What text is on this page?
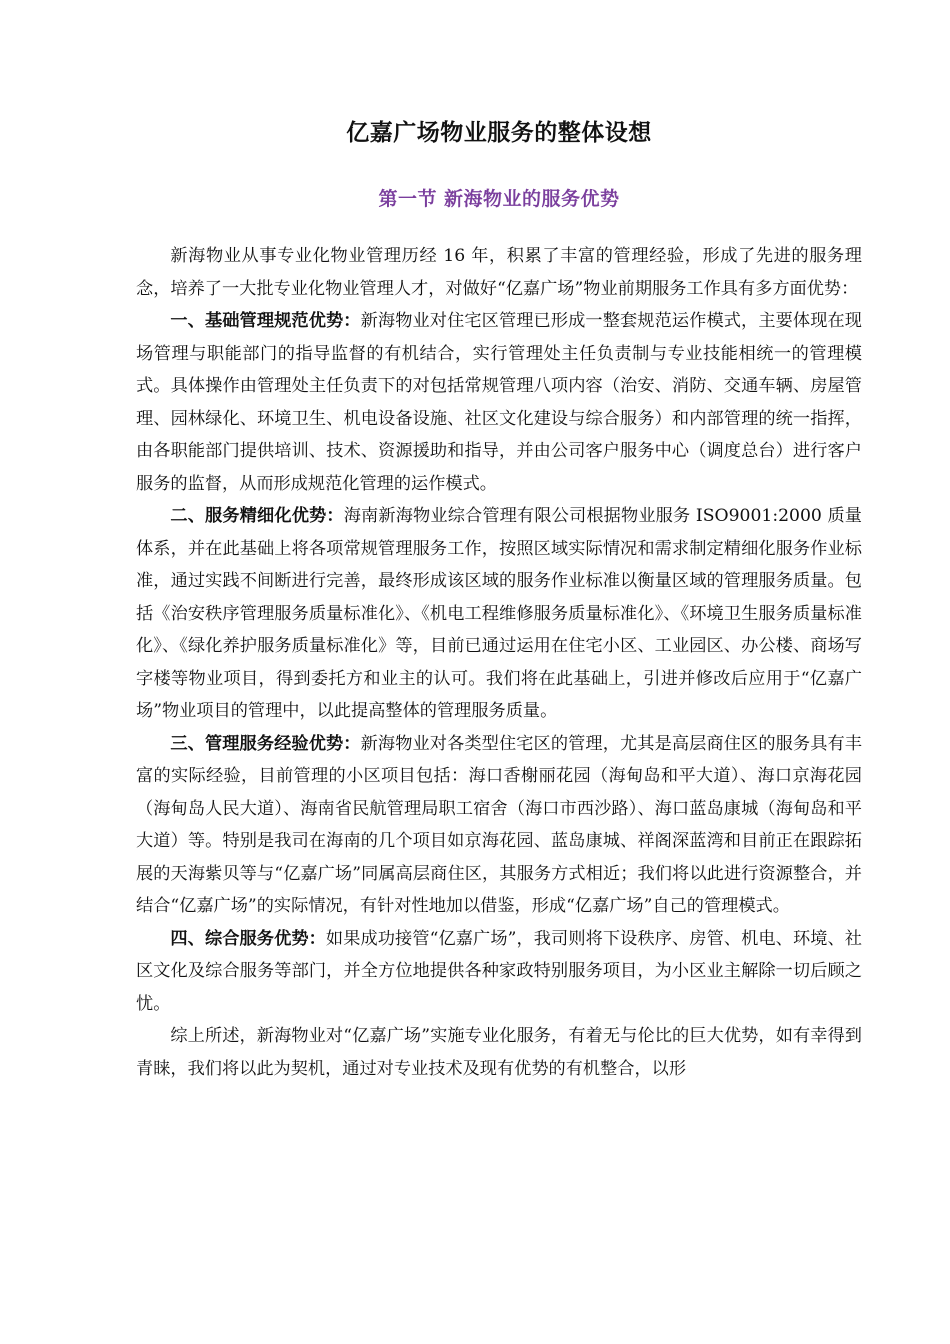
亿嘉广场物业服务的整体设想
第一节 新海物业的服务优势

新海物业从事专业化物业管理历经 16 年，积累了丰富的管理经验，形成了先进的服务理念，培养了一大批专业化物业管理人才，对做好“亿嘉广场”物业前期服务工作具有多方面优势：

一、基础管理规范优势：新海物业对住宅区管理已形成一整套规范运作模式，主要体现在现场管理与职能部门的指导监督的有机结合，实行管理处主任负责制与专业技能相统一的管理模式。具体操作由管理处主任负责下的对包括常规管理八项内容（治安、消防、交通车辆、房屋管理、园林绿化、环境卫生、机电设备设施、社区文化建设与综合服务）和内部管理的统一指挥，由各职能部门提供培训、技术、资源援助和指导，并由公司客户服务中心（调度总台）进行客户服务的监督，从而形成规范化管理的运作模式。

二、服务精细化优势：海南新海物业综合管理有限公司根据物业服务 ISO9001:2000 质量体系，并在此基础上将各项常规管理服务工作，按照区域实际情况和需求制定精细化服务作业标准，通过实践不间断进行完善，最终形成该区域的服务作业标准以衡量区域的管理服务质量。包括《治安秩序管理服务质量标准化》、《机电工程维修服务质量标准化》、《环境卫生服务质量标准化》、《绿化养护服务质量标准化》等，目前已通过运用在住宅小区、工业园区、办公楼、商场写字楼等物业项目，得到委托方和业主的认可。我们将在此基础上，引进并修改后应用于“亿嘉广场”物业项目的管理中，以此提高整体的管理服务质量。

三、管理服务经验优势：新海物业对各类型住宅区的管理，尤其是高层商住区的服务具有丰富的实际经验，目前管理的小区项目包括：海口香榭丽花园（海甸岛和平大道）、海口京海花园（海甸岛人民大道）、海南省民航管理局职工宿舍（海口市西沙路）、海口蓝岛康城（海甸岛和平大道）等。特别是我司在海南的几个项目如京海花园、蓝岛康城、祥阁深蓝湾和目前正在跟踪拓展的天海紫贝等与“亿嘉广场”同属高层商住区，其服务方式相近；我们将以此进行资源整合，并结合“亿嘉广场”的实际情况，有针对性地加以借鉴，形成“亿嘉广场”自己的管理模式。

四、综合服务优势：如果成功接管“亿嘉广场”，我司则将下设秩序、房管、机电、环境、社区文化及综合服务等部门，并全方位地提供各种家政特别服务项目，为小区业主解除一切后顾之忧。

综上所述，新海物业对“亿嘉广场”实施专业化服务，有着无与伦比的巨大优势，如有幸得到青睐，我们将以此为契机，通过对专业技术及现有优势的有机整合，以形
